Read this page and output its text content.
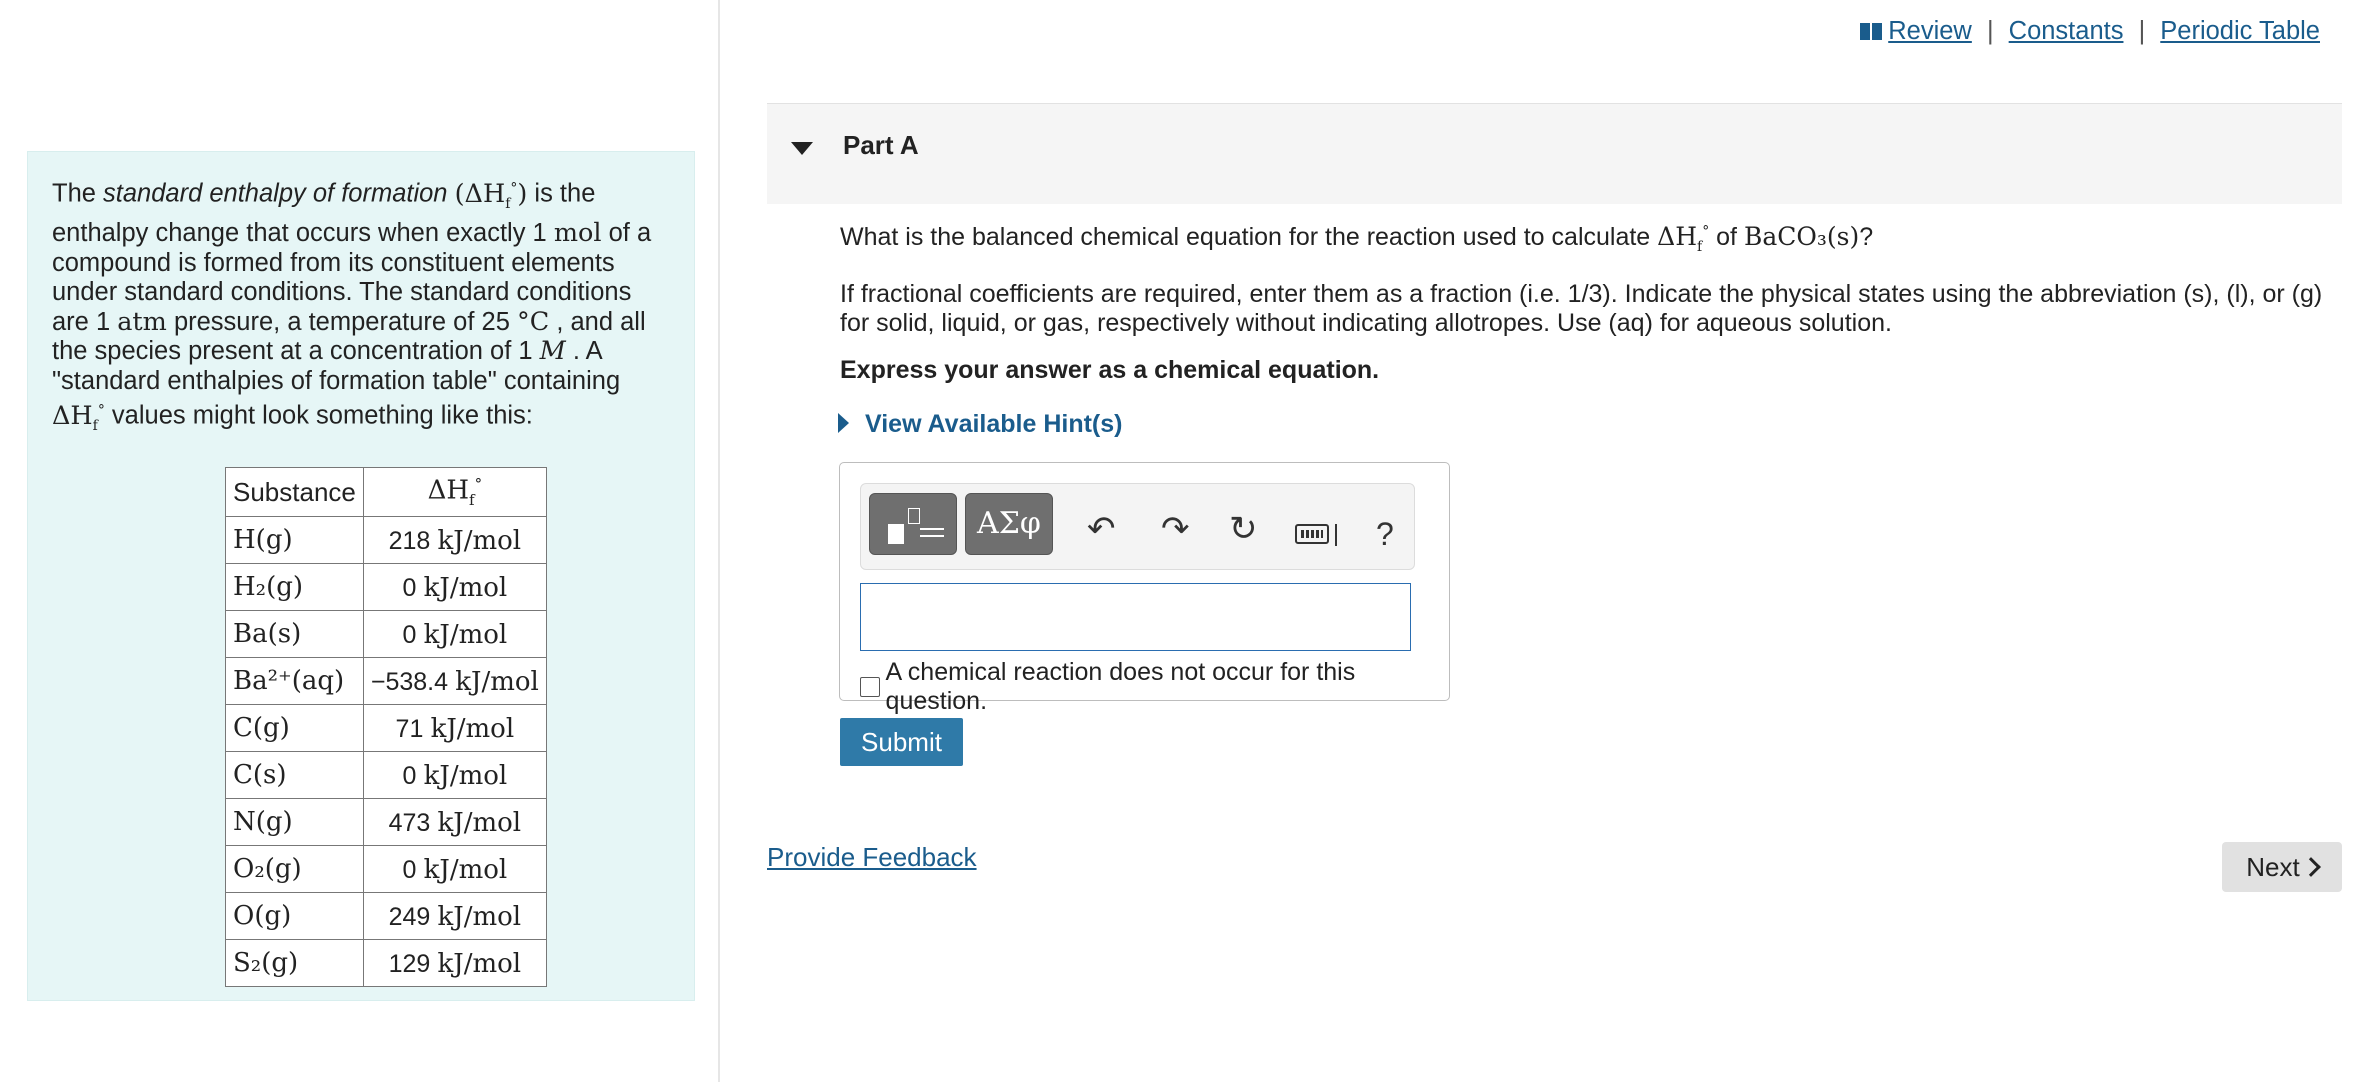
The standard enthalpy of formation $(\Delta H_f^\circ)$ is the enthalpy change that occurs when exactly 1 mol of a compound is formed from its constituent elements under standard conditions. The standard conditions are 1 atm pressure, a temperature of 25 °C , and all the species present at a concentration of 1 M . A "standard enthalpies of formation table" containing $\Delta H_f^\circ$ values might look something like this:

Substance	$\Delta H_f^\circ$
H(g)	218 kJ/mol
H₂(g)	0 kJ/mol
Ba(s)	0 kJ/mol
Ba²⁺(aq)	−538.4 kJ/mol
C(g)	71 kJ/mol
C(s)	0 kJ/mol
N(g)	473 kJ/mol
O₂(g)	0 kJ/mol
O(g)	249 kJ/mol
S₂(g)	129 kJ/mol
Review | Constants | Periodic Table
Part A
What is the balanced chemical equation for the reaction used to calculate $\Delta H_f^\circ$ of BaCO₃(s)?
If fractional coefficients are required, enter them as a fraction (i.e. 1/3). Indicate the physical states using the abbreviation (s), (l), or (g) for solid, liquid, or gas, respectively without indicating allotropes. Use (aq) for aqueous solution.
Express your answer as a chemical equation.
View Available Hint(s)
ΑΣφ	↶ ↷ ↻	?
A chemical reaction does not occur for this question.
Submit
Provide Feedback	Next
